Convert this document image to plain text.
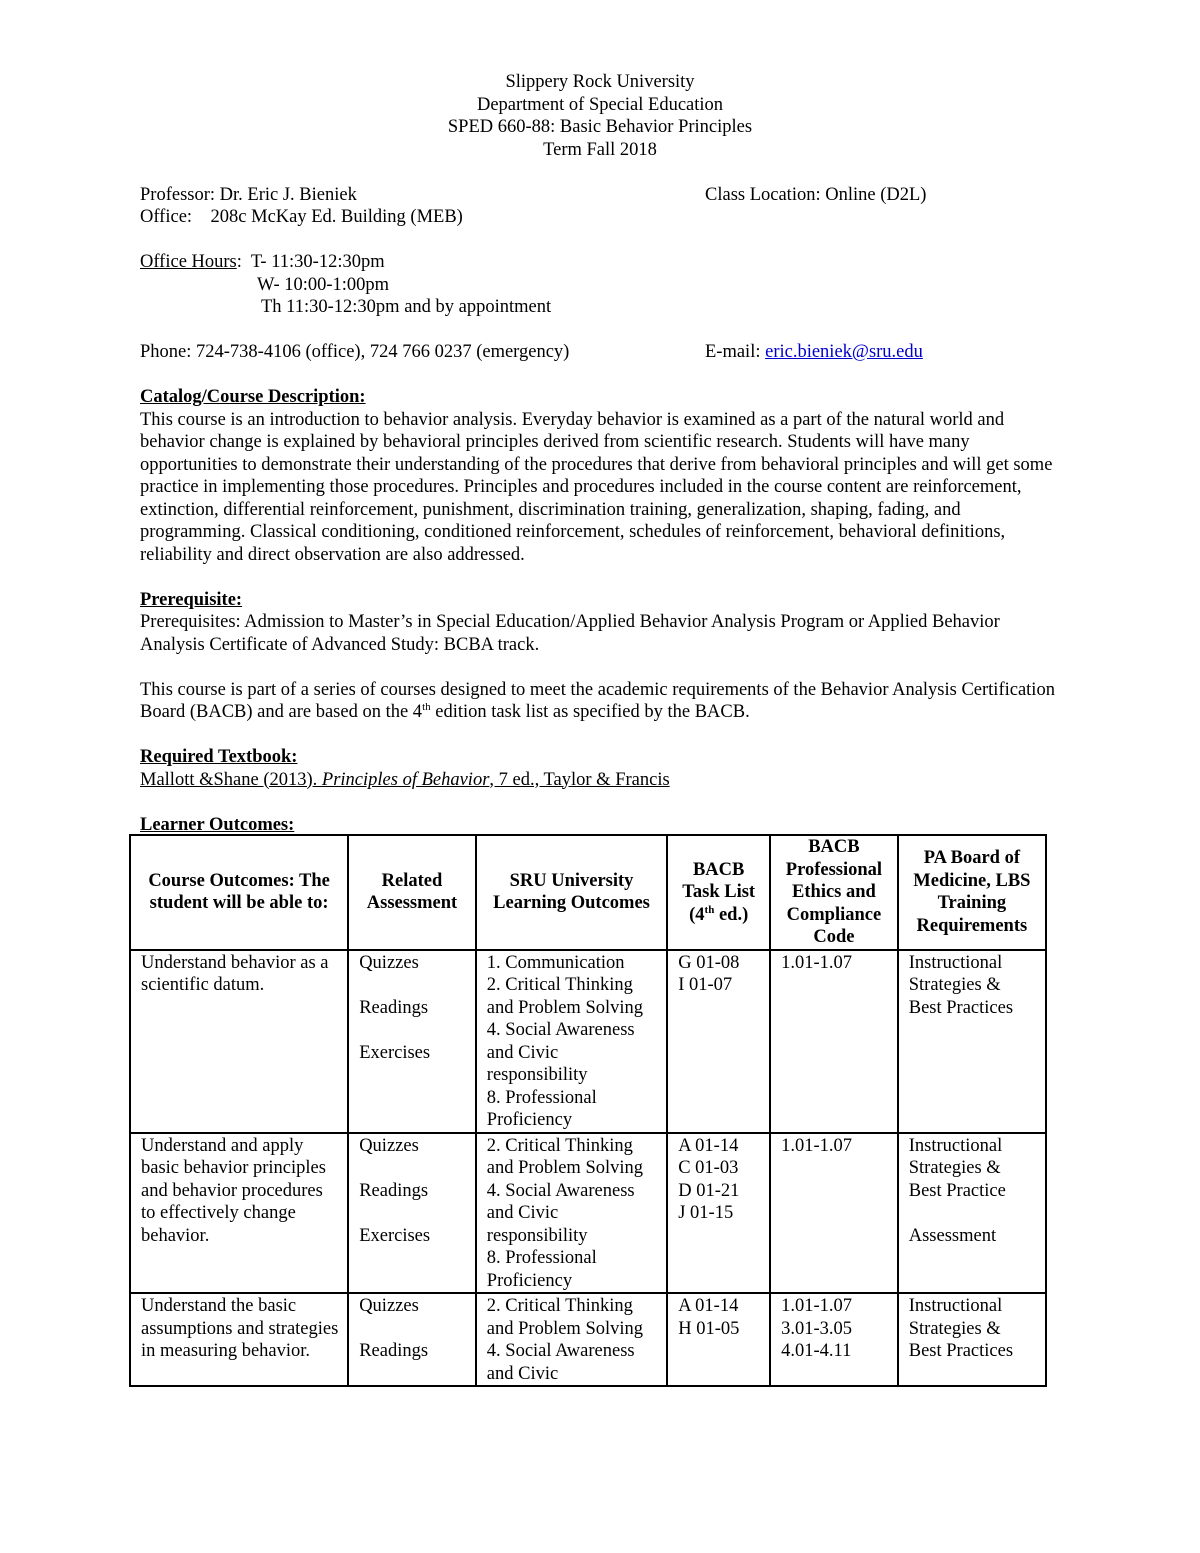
Slippery Rock University

Department of Special Education

SPED 660-88: Basic Behavior Principles

Term Fall 2018

Professor: Dr. Eric J. Bieniek	Class Location: Online (D2L)

Office:    208c McKay Ed. Building (MEB)

Office Hours:  T- 11:30-12:30pm

W- 10:00-1:00pm

Th 11:30-12:30pm and by appointment

Phone: 724-738-4106 (office), 724 766 0237 (emergency)	E-mail: eric.bieniek@sru.edu

Catalog/Course Description:

This course is an introduction to behavior analysis. Everyday behavior is examined as a part of the natural world and behavior change is explained by behavioral principles derived from scientific research. Students will have many opportunities to demonstrate their understanding of the procedures that derive from behavioral principles and will get some practice in implementing those procedures. Principles and procedures included in the course content are reinforcement, extinction, differential reinforcement, punishment, discrimination training, generalization, shaping, fading, and programming. Classical conditioning, conditioned reinforcement, schedules of reinforcement, behavioral definitions, reliability and direct observation are also addressed.

Prerequisite:

Prerequisites: Admission to Master’s in Special Education/Applied Behavior Analysis Program or Applied Behavior Analysis Certificate of Advanced Study: BCBA track.

This course is part of a series of courses designed to meet the academic requirements of the Behavior Analysis Certification Board (BACB) and are based on the 4th edition task list as specified by the BACB.

Required Textbook:

Mallott &Shane (2013). Principles of Behavior, 7 ed., Taylor & Francis

Learner Outcomes:

Course Outcomes: The student will be able to:	Related Assessment	SRU University Learning Outcomes	BACB Task List (4th ed.)	BACB Professional Ethics and Compliance Code	PA Board of Medicine, LBS Training Requirements
Understand behavior as a scientific datum.	Quizzes
Readings
Exercises	1. Communication
2. Critical Thinking and Problem Solving
4. Social Awareness and Civic responsibility
8. Professional Proficiency	G 01-08
I 01-07	1.01-1.07	Instructional Strategies & Best Practices

Understand and apply basic behavior principles and behavior procedures to effectively change behavior.	Quizzes
Readings
Exercises	2. Critical Thinking and Problem Solving
4. Social Awareness and Civic responsibility
8. Professional Proficiency	A 01-14
C 01-03
D 01-21
J 01-15	1.01-1.07	Instructional Strategies & Best Practice
Assessment

Understand the basic assumptions and strategies in measuring behavior.	Quizzes
Readings	2. Critical Thinking and Problem Solving
4. Social Awareness and Civic	A 01-14
H 01-05	1.01-1.07
3.01-3.05
4.01-4.11	Instructional Strategies & Best Practices
